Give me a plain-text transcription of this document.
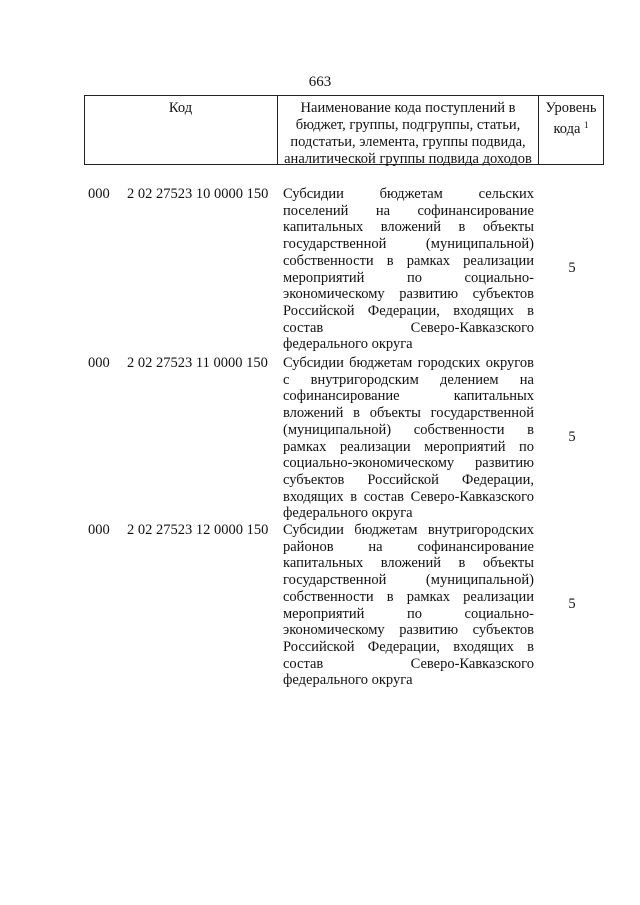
663
Код	Наименование кода поступлений в бюджет, группы, подгруппы, статьи, подстатьи, элемента, группы подвида, аналитической группы подвида доходов
Уровень
кода $^1$
000 2 02 27523 10 0000 150 Субсидии бюджетам сельских поселений на софинансирование капитальных вложений в объекты государственной (муниципальной) собственности в рамках реализации мероприятий по социально-экономическому развитию субъектов Российской Федерации, входящих в состав Северо-Кавказского федерального округа
5
000 2 02 27523 11 0000 150 Субсидии бюджетам городских округов с внутригородским делением на софинансирование капитальных вложений в объекты государственной (муниципальной) собственности в рамках реализации мероприятий по социально-экономическому развитию субъектов Российской Федерации, входящих в состав Северо-Кавказского федерального округа
5
000 2 02 27523 12 0000 150 Субсидии бюджетам внутригородских районов на софинансирование капитальных вложений в объекты государственной (муниципальной) собственности в рамках реализации мероприятий по социально-экономическому развитию субъектов Российской Федерации, входящих в состав Северо-Кавказского федерального округа
5
